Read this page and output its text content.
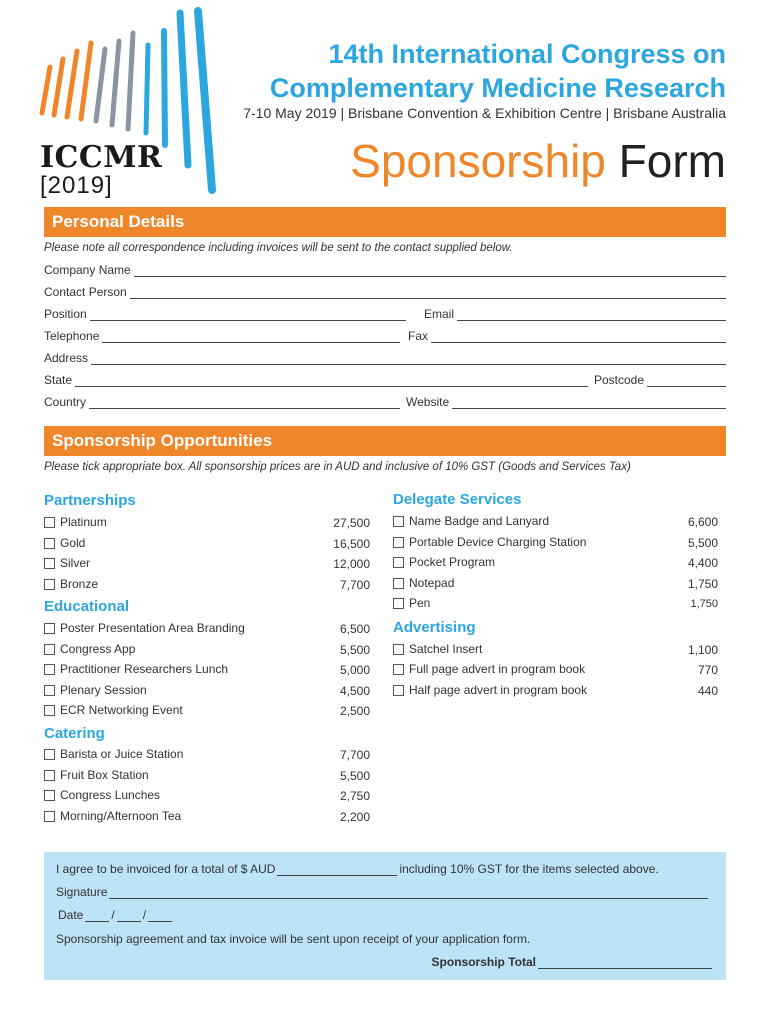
ICCMR
[2019]
14th International Congress on
Complementary Medicine Research
7-10 May 2019 | Brisbane Convention & Exhibition Centre | Brisbane Australia
Sponsorship Form
Personal Details
Please note all correspondence including invoices will be sent to the contact supplied below.
Company Name
Contact Person
Position	Email
Telephone	Fax
Address
State	Postcode
Country	Website
Sponsorship Opportunities
Please tick appropriate box. All sponsorship prices are in AUD and inclusive of 10% GST (Goods and Services Tax)
Partnerships
Platinum	27,500
Gold	16,500
Silver	12,000
Bronze	7,700
Educational
Poster Presentation Area Branding	6,500
Congress App	5,500
Practitioner Researchers Lunch	5,000
Plenary Session	4,500
ECR Networking Event	2,500
Catering
Barista or Juice Station	7,700
Fruit Box Station	5,500
Congress Lunches	2,750
Morning/Afternoon Tea	2,200
Delegate Services
Name Badge and Lanyard	6,600
Portable Device Charging Station	5,500
Pocket Program	4,400
Notepad	1,750
Pen	1,750
Advertising
Satchel Insert	1,100
Full page advert in program book	770
Half page advert in program book	440
I agree to be invoiced for a total of $ AUD	including 10% GST for the items selected above.
Signature
Date / /
Sponsorship agreement and tax invoice will be sent upon receipt of your application form.
Sponsorship Total
